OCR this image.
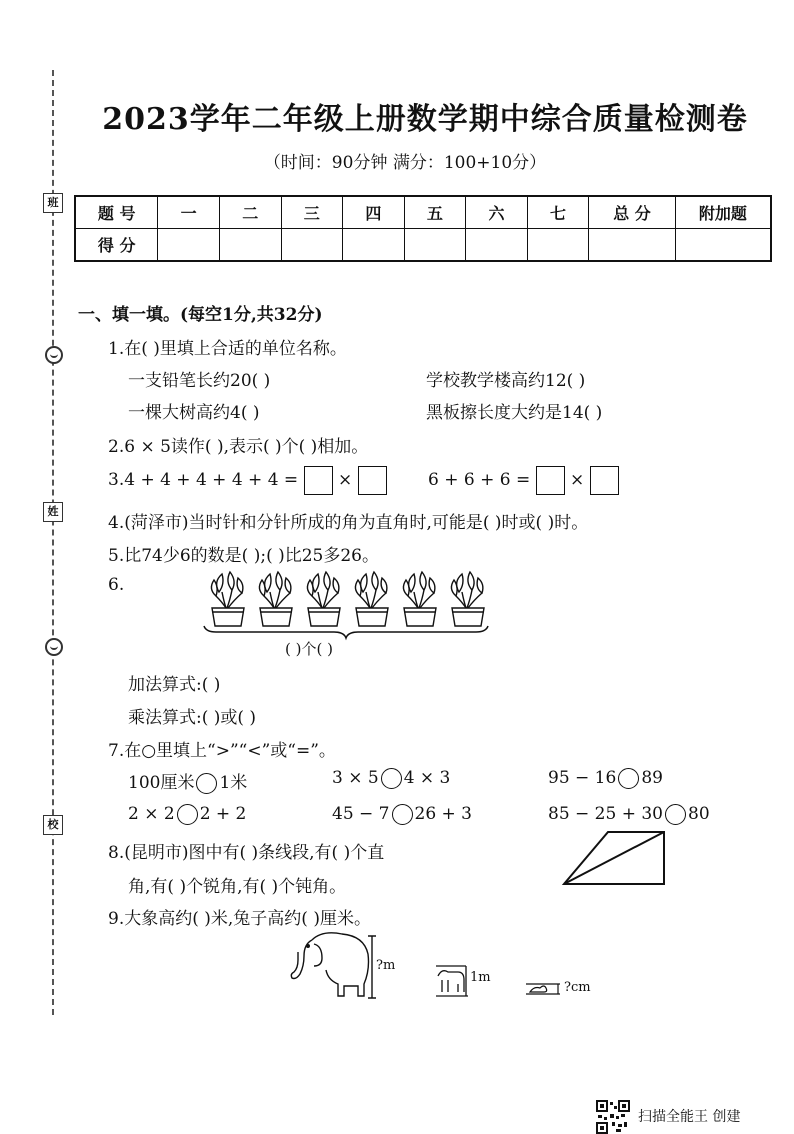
班
姓
校
2023学年二年级上册数学期中综合质量检测卷
（时间：90分钟 满分：100+10分）
题 号	一	二	三	四	五	六	七	总 分	附加题
得 分									
一、填一填。(每空1分,共32分)
1.在( )里填上合适的单位名称。
一支铅笔长约20( )	学校教学楼高约12( )
一棵大树高约4( )	黑板擦长度大约是14( )
2.6 × 5读作( ),表示( )个( )相加。
3.4 + 4 + 4 + 4 + 4 = ×	6 + 6 + 6 = ×
4.(菏泽市)当时针和分针所成的角为直角时,可能是( )时或( )时。
5.比74少6的数是( );( )比25多26。
6.
( )个( )
加法算式:( )
乘法算式:( )或( )
7.在○里填上“>”“<”或“=”。
100厘米 1米	3 × 5 4 × 3	95 − 16 89
2 × 2 2 + 2	45 − 7 26 + 3	85 − 25 + 30 80
8.(昆明市)图中有( )条线段,有( )个直
角,有( )个锐角,有( )个钝角。
9.大象高约( )米,兔子高约( )厘米。
?m
1m
?cm
扫描全能王 创建
